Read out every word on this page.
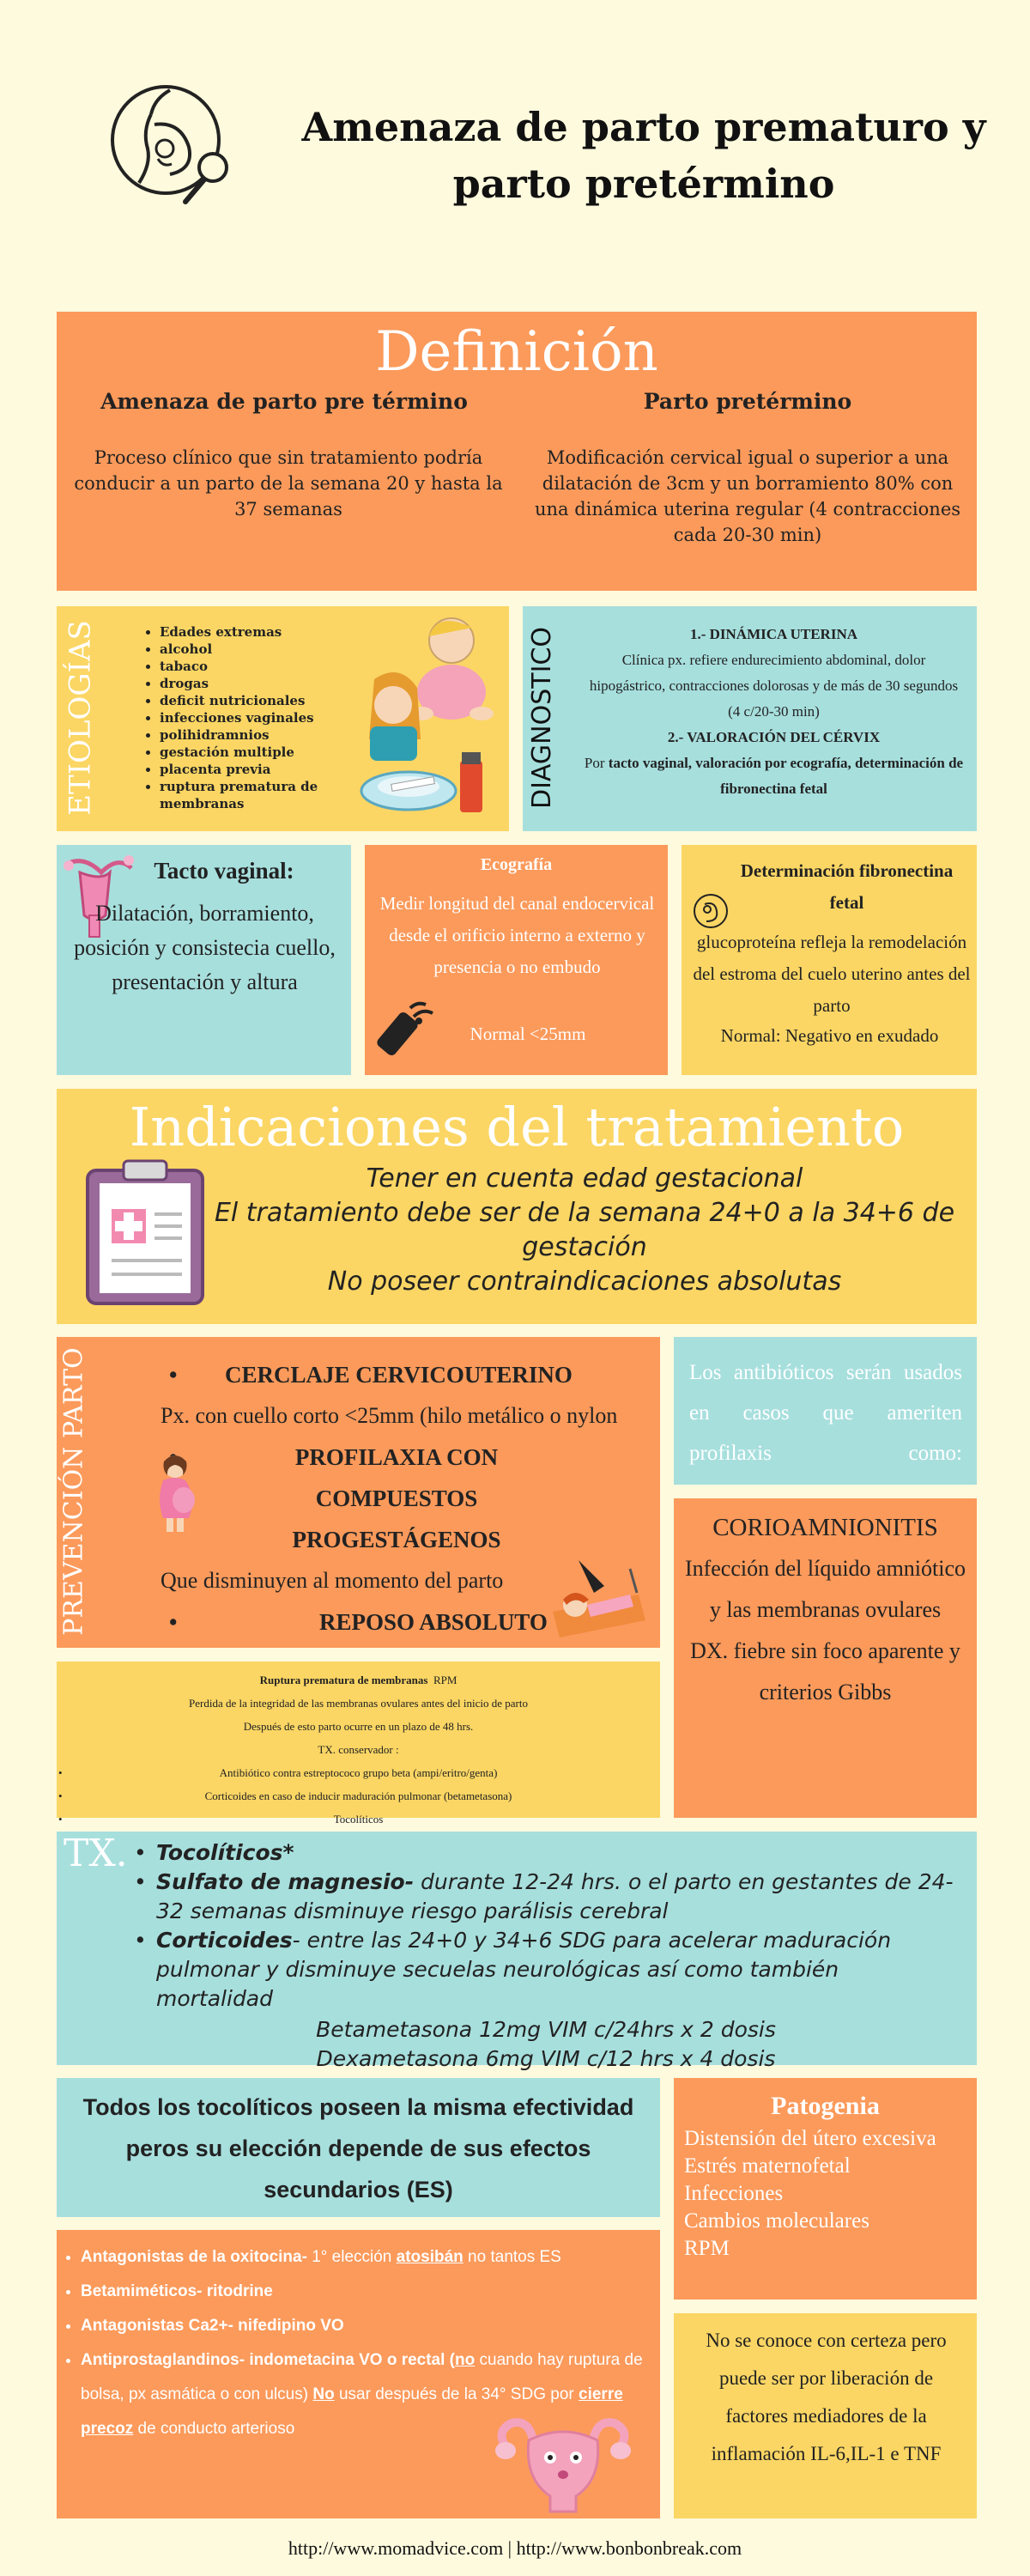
Amenaza de parto prematuro y
parto pretérmino
Definición
Amenaza de parto pre término
Proceso clínico que sin tratamiento podría conducir a un parto de la semana 20 y hasta la 37 semanas
Parto pretérmino
Modificación cervical igual o superior a una dilatación de 3cm y un borramiento 80% con una dinámica uterina regular (4 contracciones cada 20-30 min)
ETIOLOGÍAS
•	Edades extremas
• alcohol
• tabaco
• drogas
• deficit nutricionales
• infecciones vaginales
• polihidramnios
• gestación multiple
• placenta previa
• ruptura prematura de membranas	DIAGNOSTICO	1.- DINÁMICA UTERINA
Clínica px. refiere endurecimiento abdominal, dolor hipogástrico, contracciones dolorosas y de más de 30 segundos (4 c/20-30 min)
2.- VALORACIÓN DEL CÉRVIX
Por tacto vaginal, valoración por ecografía, determinación de fibronectina fetal
Tacto vaginal:
Dilatación, borramiento, posición y consistecia cuello, presentación y altura
Ecografía
Medir longitud del canal endocervical desde el orificio interno a externo y presencia o no embudo
Normal <25mm
Determinación fibronectina fetal
glucoproteína refleja la remodelación del estroma del cuelo uterino antes del parto
Normal: Negativo en exudado
Indicaciones del tratamiento
Tener en cuenta edad gestacional
El tratamiento debe ser de la semana 24+0 a la 34+6 de gestación
No poseer contraindicaciones absolutas
PREVENCIÓN PARTO	• CERCLAJE CERVICOUTERINO
Px. con cuello corto <25mm (hilo metálico o nylon
PROFILAXIA CON COMPUESTOS PROGESTÁGENOS
Que disminuyen al momento del parto
•	REPOSO ABSOLUTO
Los antibióticos serán usados en casos que ameriten profilaxis como:
CORIOAMNIONITIS
Infección del líquido amniótico y las membranas ovulares
DX. fiebre sin foco aparente y criterios Gibbs
Ruptura prematura de membranas RPM
Perdida de la integridad de las membranas ovulares antes del inicio de parto
Después de esto parto ocurre en un plazo de 48 hrs.
TX. conservador :
•	Antibiótico contra estreptococo grupo beta (ampi/eritro/genta)
•	Corticoides en caso de inducir maduración pulmonar (betametasona)
•	Tocolíticos
TX. • Tocolíticos*
• Sulfato de magnesio- durante 12-24 hrs. o el parto en gestantes de 24-32 semanas disminuye riesgo parálisis cerebral
• Corticoides- entre las 24+0 y 34+6 SDG para acelerar maduración pulmonar y disminuye secuelas neurológicas así como también mortalidad
Betametasona 12mg VIM c/24hrs x 2 dosis
Dexametasona 6mg VIM c/12 hrs x 4 dosis
Todos los tocolíticos poseen la misma efectividad peros su elección depende de sus efectos secundarios (ES)
Patogenia
Distensión del útero excesiva
Estrés maternofetal
Infecciones
Cambios moleculares
RPM
• Antagonistas de la oxitocina- 1° elección atosibán no tantos ES
• Betamiméticos- ritodrine
• Antagonistas Ca2+- nifedipino VO
• Antiprostaglandinos- indometacina VO o rectal (no cuando hay ruptura de bolsa, px asmática o con ulcus) No usar después de la 34° SDG por cierre precoz de conducto arterioso
No se conoce con certeza pero puede ser por liberación de factores mediadores de la inflamación IL-6,IL-1 e TNF
http://www.momadvice.com | http://www.bonbonbreak.com
